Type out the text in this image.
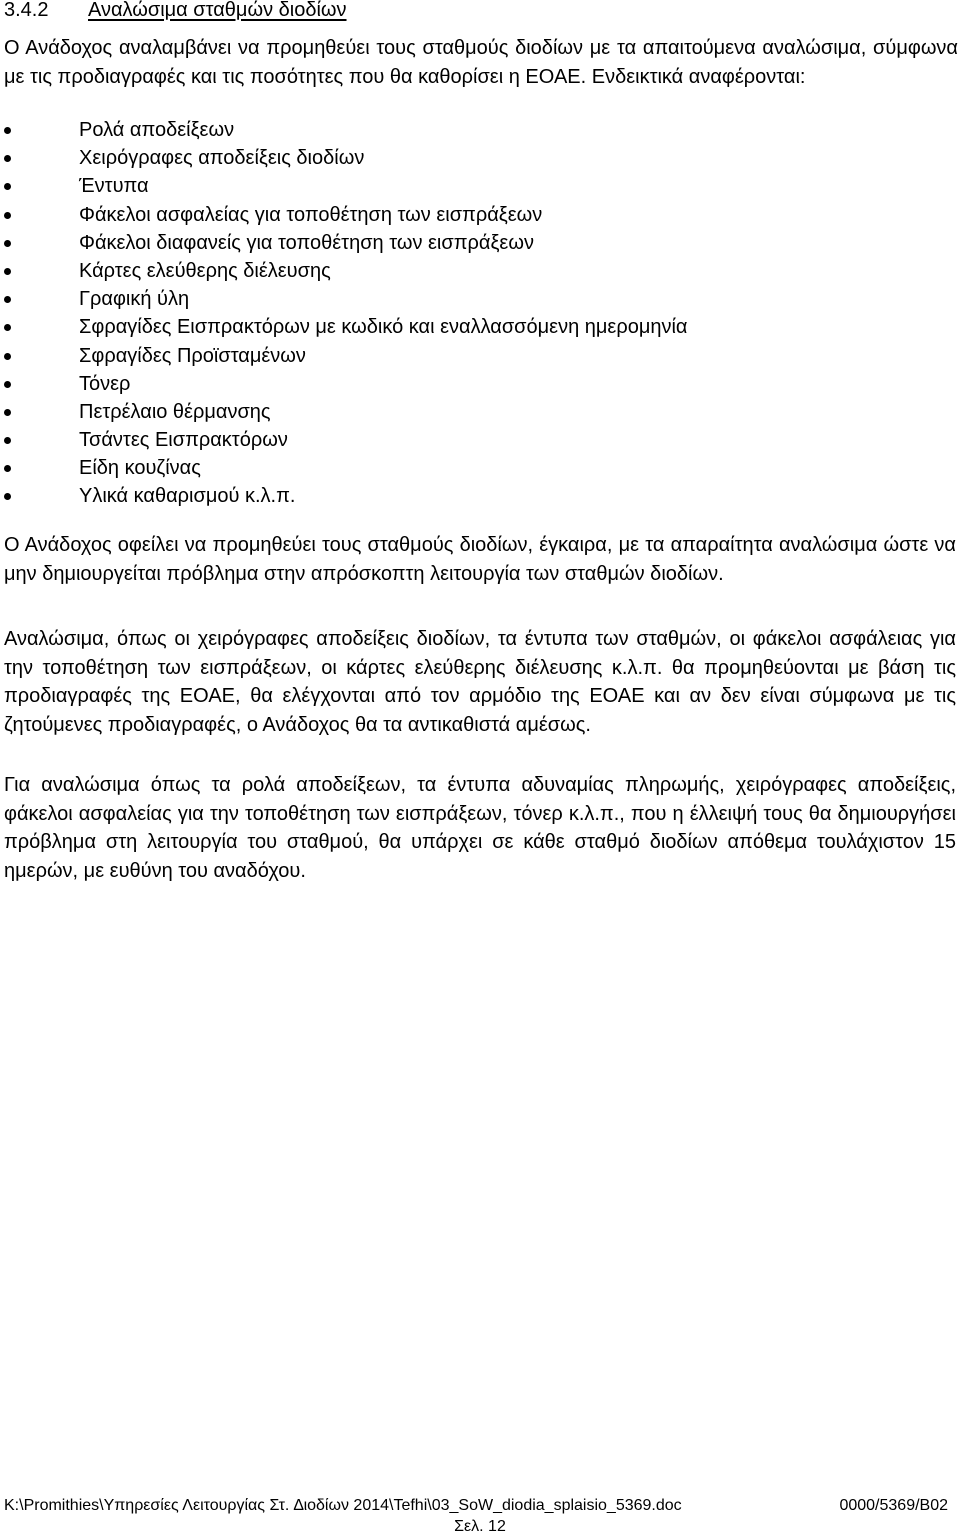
3.4.2 Αναλώσιμα σταθμών διοδίων

Ο Ανάδοχος αναλαμβάνει να προμηθεύει τους σταθμούς διοδίων με τα απαιτούμενα αναλώσιμα, σύμφωνα με τις προδιαγραφές και τις ποσότητες που θα καθορίσει η ΕΟΑΕ. Ενδεικτικά αναφέρονται:

Ρολά αποδείξεων
Χειρόγραφες αποδείξεις διοδίων
Έντυπα
Φάκελοι ασφαλείας για τοποθέτηση των εισπράξεων
Φάκελοι διαφανείς για τοποθέτηση των εισπράξεων
Κάρτες ελεύθερης διέλευσης
Γραφική ύλη
Σφραγίδες Εισπρακτόρων με κωδικό και εναλλασσόμενη ημερομηνία
Σφραγίδες Προϊσταμένων
Τόνερ
Πετρέλαιο θέρμανσης
Τσάντες Εισπρακτόρων
Είδη κουζίνας
Υλικά καθαρισμού κ.λ.π.

Ο Ανάδοχος οφείλει να προμηθεύει τους σταθμούς διοδίων, έγκαιρα, με τα απαραίτητα αναλώσιμα ώστε να μην δημιουργείται πρόβλημα στην απρόσκοπτη λειτουργία των σταθμών διοδίων.

Αναλώσιμα, όπως οι χειρόγραφες αποδείξεις διοδίων, τα έντυπα των σταθμών, οι φάκελοι ασφάλειας για την τοποθέτηση των εισπράξεων, οι κάρτες ελεύθερης διέλευσης κ.λ.π. θα προμηθεύονται με βάση τις προδιαγραφές της ΕΟΑΕ, θα ελέγχονται από τον αρμόδιο της ΕΟΑΕ και αν δεν είναι σύμφωνα με τις ζητούμενες προδιαγραφές, ο Ανάδοχος θα τα αντικαθιστά αμέσως.

Για αναλώσιμα όπως τα ρολά αποδείξεων, τα έντυπα αδυναμίας πληρωμής, χειρόγραφες αποδείξεις, φάκελοι ασφαλείας για την τοποθέτηση των εισπράξεων, τόνερ κ.λ.π., που η έλλειψή τους θα δημιουργήσει πρόβλημα στη λειτουργία του σταθμού, θα υπάρχει σε κάθε σταθμό διοδίων απόθεμα τουλάχιστον 15 ημερών, με ευθύνη του αναδόχου.

K:\Promithies\Υπηρεσίες Λειτουργίας Στ. ∆ιοδίων 2014\Tefhi\03_SoW_diodia_splaisio_5369.doc	0000/5369/Β02
Σελ. 12
